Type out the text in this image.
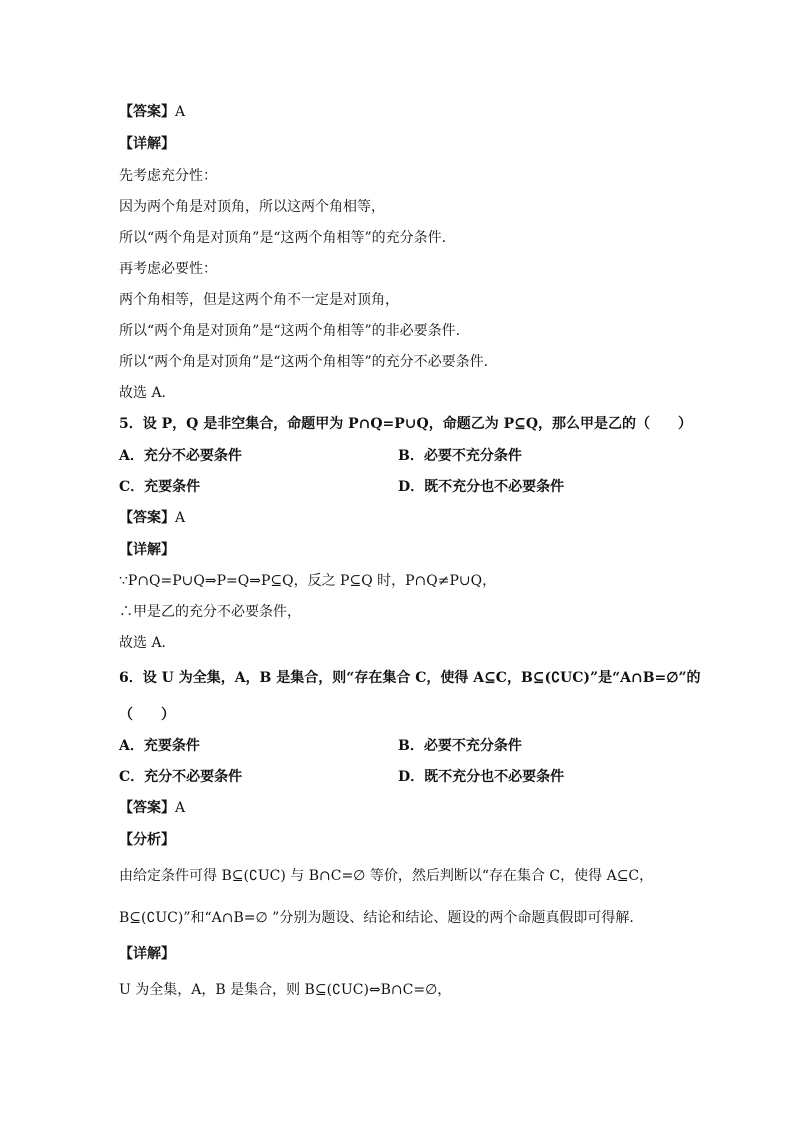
【答案】A
【详解】
先考虑充分性：
因为两个角是对顶角，所以这两个角相等，
所以“两个角是对顶角”是“这两个角相等”的充分条件.
再考虑必要性：
两个角相等，但是这两个角不一定是对顶角，
所以“两个角是对顶角”是“这两个角相等”的非必要条件.
所以“两个角是对顶角”是“这两个角相等”的充分不必要条件.
故选 A.
5．设 P，Q 是非空集合，命题甲为 P∩Q=P∪Q，命题乙为 P⊆Q，那么甲是乙的（　　）
A．充分不必要条件	B．必要不充分条件
C．充要条件	D．既不充分也不必要条件
【答案】A
【详解】
∵P∩Q=P∪Q⇒P=Q⇒P⊆Q，反之 P⊆Q 时，P∩Q≠P∪Q，
∴甲是乙的充分不必要条件，
故选 A.
6．设 U 为全集，A，B 是集合，则“存在集合 C，使得 A⊆C，B⊆(∁UC)”是“A∩B=∅”的
（　　）
A．充要条件	B．必要不充分条件
C．充分不必要条件	D．既不充分也不必要条件
【答案】A
【分析】
由给定条件可得 B⊆(∁UC) 与 B∩C=∅ 等价，然后判断以“存在集合 C，使得 A⊆C，
B⊆(∁UC)”和“A∩B=∅ ”分别为题设、结论和结论、题设的两个命题真假即可得解.
【详解】
U 为全集，A，B 是集合，则 B⊆(∁UC)⇔B∩C=∅，
